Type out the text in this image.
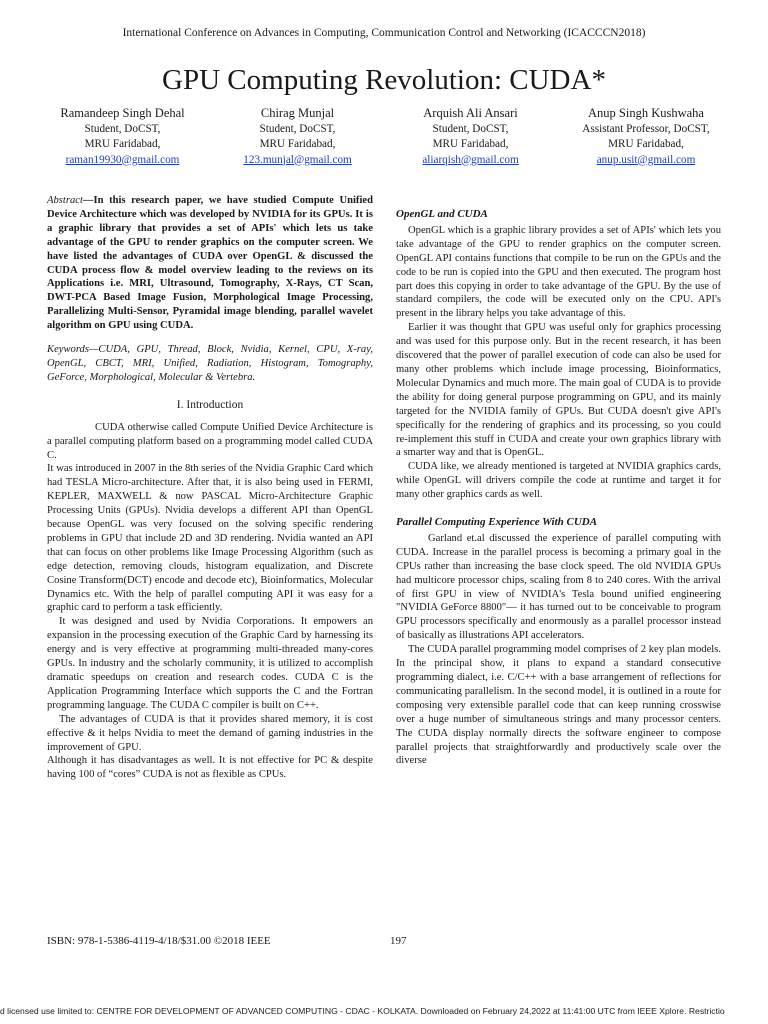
International Conference on Advances in Computing, Communication Control and Networking (ICACCCN2018)
GPU Computing Revolution: CUDA*
Ramandeep Singh Dehal
Student, DoCST,
MRU Faridabad,
raman19930@gmail.com
Chirag Munjal
Student, DoCST,
MRU Faridabad,
123.munjal@gmail.com
Arquish Ali Ansari
Student, DoCST,
MRU Faridabad,
aliarqish@gmail.com
Anup Singh Kushwaha
Assistant Professor, DoCST,
MRU Faridabad,
anup.usit@gmail.com

Abstract—In this research paper, we have studied Compute Unified Device Architecture which was developed by NVIDIA for its GPUs. It is a graphic library that provides a set of APIs' which lets us take advantage of the GPU to render graphics on the computer screen. We have listed the advantages of CUDA over OpenGL & discussed the CUDA process flow & model overview leading to the reviews on its Applications i.e. MRI, Ultrasound, Tomography, X-Rays, CT Scan, DWT-PCA Based Image Fusion, Morphological Image Processing, Parallelizing Multi-Sensor, Pyramidal image blending, parallel wavelet algorithm on GPU using CUDA.

Keywords—CUDA, GPU, Thread, Block, Nvidia, Kernel, CPU, X-ray, OpenGL, CBCT, MRI, Unified, Radiation, Histogram, Tomography, GeForce, Morphological, Molecular & Vertebra.

I. Introduction

CUDA otherwise called Compute Unified Device Architecture is a parallel computing platform based on a programming model called CUDA C.

It was introduced in 2007 in the 8th series of the Nvidia Graphic Card which had TESLA Micro-architecture. After that, it is also being used in FERMI, KEPLER, MAXWELL & now PASCAL Micro-Architecture Graphic Processing Units (GPUs). Nvidia develops a different API than OpenGL because OpenGL was very focused on the solving specific rendering problems in GPU that include 2D and 3D rendering. Nvidia wanted an API that can focus on other problems like Image Processing Algorithm (such as edge detection, removing clouds, histogram equalization, and Discrete Cosine Transform(DCT) encode and decode etc), Bioinformatics, Molecular Dynamics etc. With the help of parallel computing API it was easy for a graphic card to perform a task efficiently.

It was designed and used by Nvidia Corporations. It empowers an expansion in the processing execution of the Graphic Card by harnessing its energy and is very effective at programming multi-threaded many-cores GPUs. In industry and the scholarly community, it is utilized to accomplish dramatic speedups on creation and research codes. CUDA C is the Application Programming Interface which supports the C and the Fortran programming language. The CUDA C compiler is built on C++.

The advantages of CUDA is that it provides shared memory, it is cost effective & it helps Nvidia to meet the demand of gaming industries in the improvement of GPU.

Although it has disadvantages as well. It is not effective for PC & despite having 100 of “cores” CUDA is not as flexible as CPUs.

OpenGL and CUDA

OpenGL which is a graphic library provides a set of APIs' which lets you take advantage of the GPU to render graphics on the computer screen. OpenGL API contains functions that compile to be run on the GPUs and the code to be run is copied into the GPU and then executed. The program host part does this copying in order to take advantage of the GPU. By the use of standard compilers, the code will be executed only on the CPU. API's present in the library helps you take advantage of this.

Earlier it was thought that GPU was useful only for graphics processing and was used for this purpose only. But in the recent research, it has been discovered that the power of parallel execution of code can also be used for many other problems which include image processing, Bioinformatics, Molecular Dynamics and much more. The main goal of CUDA is to provide the ability for doing general purpose programming on GPU, and its mainly targeted for the NVIDIA family of GPUs. But CUDA doesn't give API's specifically for the rendering of graphics and its processing, so you could re-implement this stuff in CUDA and create your own graphics library with a smarter way and that is OpenGL.

CUDA like, we already mentioned is targeted at NVIDIA graphics cards, while OpenGL will drivers compile the code at runtime and target it for many other graphics cards as well.

Parallel Computing Experience With CUDA

Garland et.al discussed the experience of parallel computing with CUDA. Increase in the parallel process is becoming a primary goal in the CPUs rather than increasing the base clock speed. The old NVIDIA GPUs had multicore processor chips, scaling from 8 to 240 cores. With the arrival of first GPU in view of NVIDIA's Tesla bound unified engineering "NVIDIA GeForce 8800"— it has turned out to be conceivable to program GPU processors specifically and enormously as a parallel processor instead of basically as illustrations API accelerators.

The CUDA parallel programming model comprises of 2 key plan models. In the principal show, it plans to expand a standard consecutive programming dialect, i.e. C/C++ with a base arrangement of reflections for communicating parallelism. In the second model, it is outlined in a route for composing very extensible parallel code that can keep running crosswise over a huge number of simultaneous strings and many processor centers. The CUDA display normally directs the software engineer to compose parallel projects that straightforwardly and productively scale over the diverse

ISBN: 978-1-5386-4119-4/18/$31.00 ©2018 IEEE	197
d licensed use limited to: CENTRE FOR DEVELOPMENT OF ADVANCED COMPUTING - CDAC - KOLKATA. Downloaded on February 24,2022 at 11:41:00 UTC from IEEE Xplore. Restrictio
